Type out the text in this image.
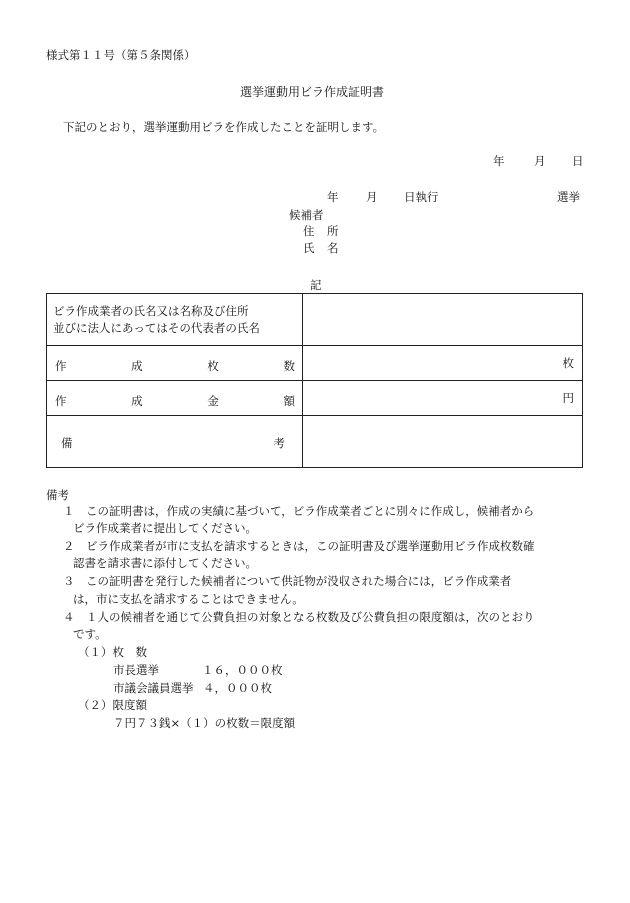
様式第１１号（第５条関係）
選挙運動用ビラ作成証明書
下記のとおり，選挙運動用ビラを作成したことを証明します。
年	月 日
年 月 日執行	選挙
候補者
住 所
氏 名
記
ビラ作成業者の氏名又は名称及び住所
並びに法人にあってはその代表者の氏名
作	成	枚	数	枚
作	成	金	額	円
備	考
備考
１　この証明書は，作成の実績に基づいて，ビラ作成業者ごとに別々に作成し，候補者から
ビラ作成業者に提出してください。
２　ビラ作成業者が市に支払を請求するときは，この証明書及び選挙運動用ビラ作成枚数確
認書を請求書に添付してください。
３　この証明書を発行した候補者について供託物が没収された場合には，ビラ作成業者
は，市に支払を請求することはできません。
４　１人の候補者を通じて公費負担の対象となる枚数及び公費負担の限度額は，次のとおり
です。
（１）枚　数
市長選挙	１６，０００枚
市議会議員選挙 ４，０００枚
（２）限度額
７円７３銭×（１）の枚数＝限度額
